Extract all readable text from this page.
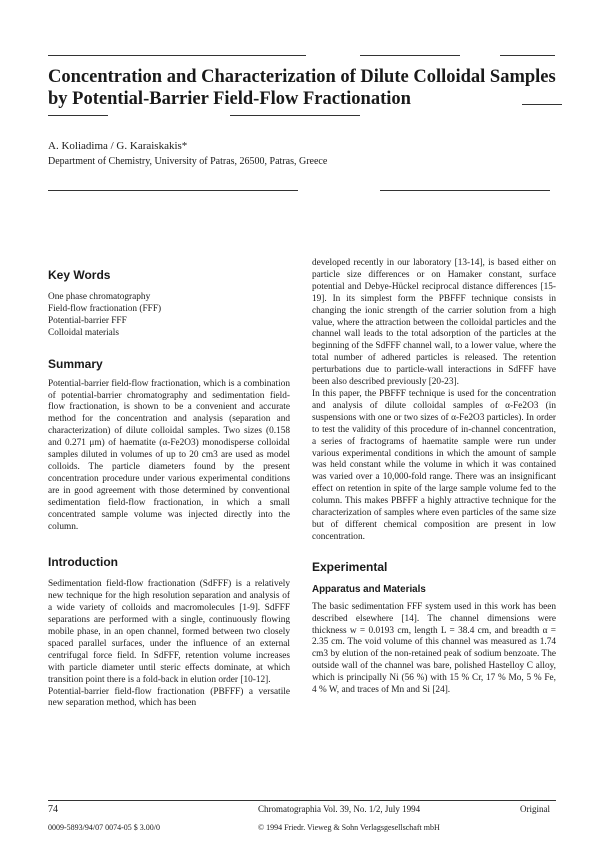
Concentration and Characterization of Dilute Colloidal Samples by Potential-Barrier Field-Flow Fractionation
A. Koliadima / G. Karaiskakis*
Department of Chemistry, University of Patras, 26500, Patras, Greece
Key Words
One phase chromatography
Field-flow fractionation (FFF)
Potential-barrier FFF
Colloidal materials
Summary

Potential-barrier field-flow fractionation, which is a combination of potential-barrier chromatography and sedimentation field-flow fractionation, is shown to be a convenient and accurate method for the concentration and analysis (separation and characterization) of dilute colloidal samples. Two sizes (0.158 and 0.271 μm) of haematite (α-Fe2O3) monodisperse colloidal samples diluted in volumes of up to 20 cm3 are used as model colloids. The particle diameters found by the present concentration procedure under various experimental conditions are in good agreement with those determined by conventional sedimentation field-flow fractionation, in which a small concentrated sample volume was injected directly into the column.

Introduction

Sedimentation field-flow fractionation (SdFFF) is a relatively new technique for the high resolution separation and analysis of a wide variety of colloids and macromolecules [1-9]. SdFFF separations are performed with a single, continuously flowing mobile phase, in an open channel, formed between two closely spaced parallel surfaces, under the influence of an external centrifugal force field. In SdFFF, retention volume increases with particle diameter until steric effects dominate, at which transition point there is a fold-back in elution order [10-12].

Potential-barrier field-flow fractionation (PBFFF) a versatile new separation method, which has been

developed recently in our laboratory [13-14], is based either on particle size differences or on Hamaker constant, surface potential and Debye-Hückel reciprocal distance differences [15-19]. In its simplest form the PBFFF technique consists in changing the ionic strength of the carrier solution from a high value, where the attraction between the colloidal particles and the channel wall leads to the total adsorption of the particles at the beginning of the SdFFF channel wall, to a lower value, where the total number of adhered particles is released. The retention perturbations due to particle-wall interactions in SdFFF have been also described previously [20-23].

In this paper, the PBFFF technique is used for the concentration and analysis of dilute colloidal samples of α-Fe2O3 (in suspensions with one or two sizes of α-Fe2O3 particles). In order to test the validity of this procedure of in-channel concentration, a series of fractograms of haematite sample were run under various experimental conditions in which the amount of sample was held constant while the volume in which it was contained was varied over a 10,000-fold range. There was an insignificant effect on retention in spite of the large sample volume fed to the column. This makes PBFFF a highly attractive technique for the characterization of samples where even particles of the same size but of different chemical composition are present in low concentration.

Experimental
Apparatus and Materials

The basic sedimentation FFF system used in this work has been described elsewhere [14]. The channel dimensions were thickness w = 0.0193 cm, length L = 38.4 cm, and breadth α = 2.35 cm. The void volume of this channel was measured as 1.74 cm3 by elution of the non-retained peak of sodium benzoate. The outside wall of the channel was bare, polished Hastelloy C alloy, which is principally Ni (56 %) with 15 % Cr, 17 % Mo, 5 % Fe, 4 % W, and traces of Mn and Si [24].

74	Chromatographia Vol. 39, No. 1/2, July 1994	Original
0009-5893/94/07 0074-05 $ 3.00/0	© 1994 Friedr. Vieweg & Sohn Verlagsgesellschaft mbH
